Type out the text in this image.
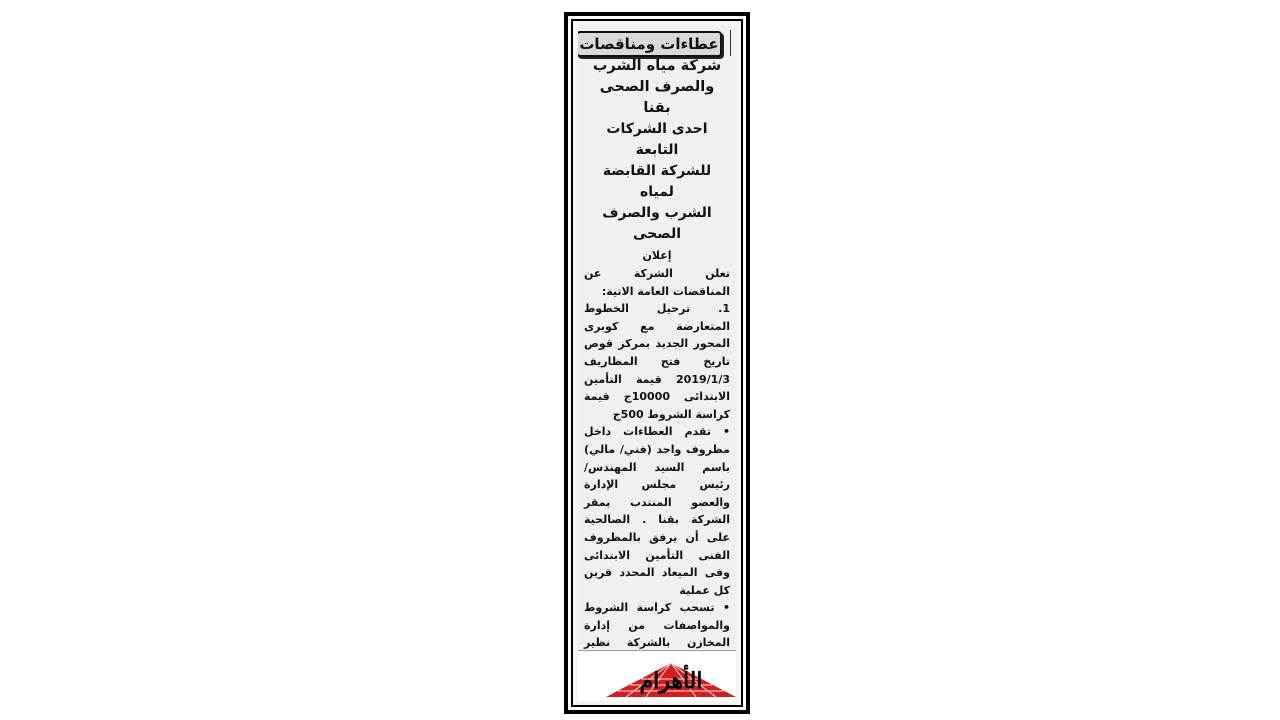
عطاءات ومناقصات
شركة مياه الشرب
والصرف الصحى
بقنا
احدى الشركات التابعة
للشركة القابضة لمياه
الشرب والصرف الصحى
إعلان

تعلن الشركة عن المناقصات العامة الاتية:

1. ترحيل الخطوط المتعارضة مع كوبرى المحور الجديد بمركز قوص تاريخ فتح المظاريف 2019/1/3 قيمة التأمين الابتدائى 10000ج قيمة كراسة الشروط 500ج

• تقدم العطاءات داخل مظروف واحد (فني/ مالي) باسم السيد المهندس/ رئيس مجلس الإدارة والعضو المنتدب بمقر الشركة بقنا . الصالحية على أن يرفق بالمظروف الفنى التأمين الابتدائى وفى الميعاد المحدد قرين كل عملية

• تسحب كراسة الشروط والمواصفات من إدارة المخازن بالشركة نظير

الأهرام
